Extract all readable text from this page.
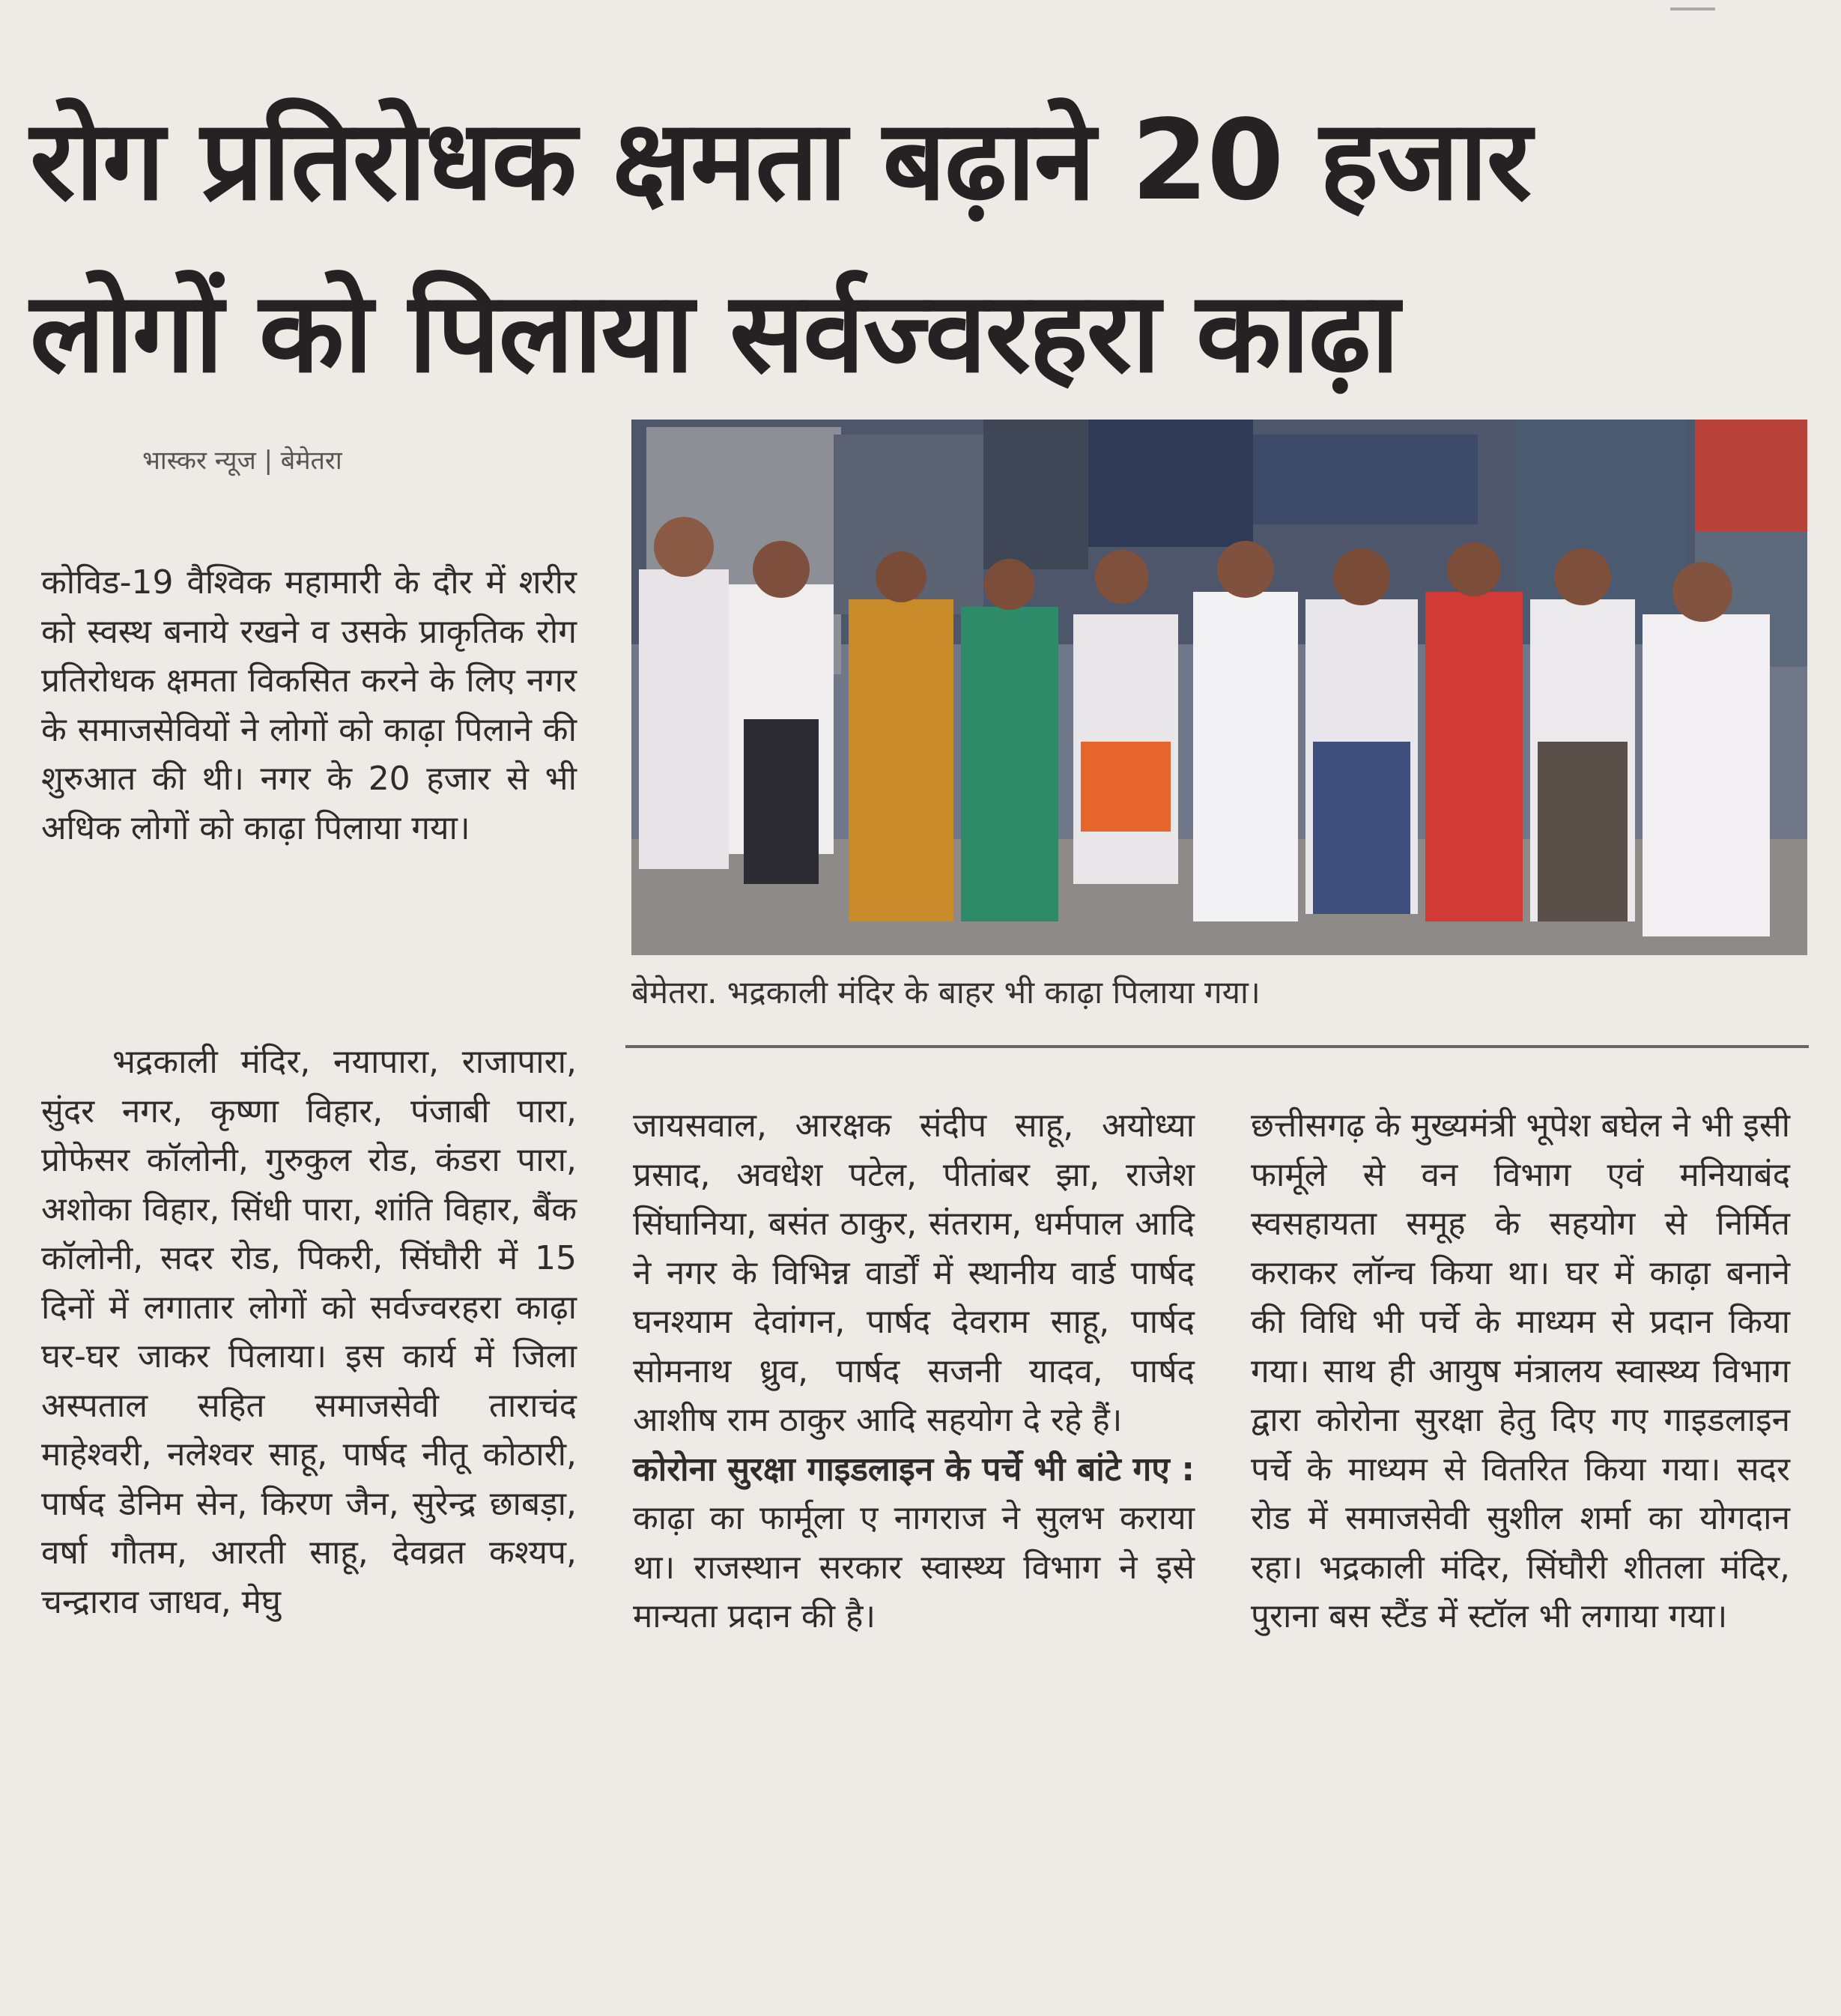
रोग प्रतिरोधक क्षमता बढ़ाने 20 हजार
लोगों को पिलाया सर्वज्वरहरा काढ़ा
भास्कर न्यूज | बेमेतरा

कोविड-19 वैश्विक महामारी के दौर में शरीर को स्वस्थ बनाये रखने व उसके प्राकृतिक रोग प्रतिरोधक क्षमता विकसित करने के लिए नगर के समाजसेवियों ने लोगों को काढ़ा पिलाने की शुरुआत की थी। नगर के 20 हजार से भी अधिक लोगों को काढ़ा पिलाया गया।

भद्रकाली मंदिर, नयापारा, राजापारा, सुंदर नगर, कृष्णा विहार, पंजाबी पारा, प्रोफेसर कॉलोनी, गुरुकुल रोड, कंडरा पारा, अशोका विहार, सिंधी पारा, शांति विहार, बैंक कॉलोनी, सदर रोड, पिकरी, सिंघौरी में 15 दिनों में लगातार लोगों को सर्वज्वरहरा काढ़ा घर-घर जाकर पिलाया। इस कार्य में जिला अस्पताल सहित समाजसेवी ताराचंद माहेश्वरी, नलेश्वर साहू, पार्षद नीतू कोठारी, पार्षद डेनिम सेन, किरण जैन, सुरेन्द्र छाबड़ा, वर्षा गौतम, आरती साहू, देवव्रत कश्यप, चन्द्राराव जाधव, मेघु

बेमेतरा. भद्रकाली मंदिर के बाहर भी काढ़ा पिलाया गया।

जायसवाल, आरक्षक संदीप साहू, अयोध्या प्रसाद, अवधेश पटेल, पीतांबर झा, राजेश सिंघानिया, बसंत ठाकुर, संतराम, धर्मपाल आदि ने नगर के विभिन्न वार्डों में स्थानीय वार्ड पार्षद घनश्याम देवांगन, पार्षद देवराम साहू, पार्षद सोमनाथ ध्रुव, पार्षद सजनी यादव, पार्षद आशीष राम ठाकुर आदि सहयोग दे रहे हैं।

कोरोना सुरक्षा गाइडलाइन के पर्चे भी बांटे गए : काढ़ा का फार्मूला ए नागराज ने सुलभ कराया था। राजस्थान सरकार स्वास्थ्य विभाग ने इसे मान्यता प्रदान की है।

छत्तीसगढ़ के मुख्यमंत्री भूपेश बघेल ने भी इसी फार्मूले से वन विभाग एवं मनियाबंद स्वसहायता समूह के सहयोग से निर्मित कराकर लॉन्च किया था। घर में काढ़ा बनाने की विधि भी पर्चे के माध्यम से प्रदान किया गया। साथ ही आयुष मंत्रालय स्वास्थ्य विभाग द्वारा कोरोना सुरक्षा हेतु दिए गए गाइडलाइन पर्चे के माध्यम से वितरित किया गया। सदर रोड में समाजसेवी सुशील शर्मा का योगदान रहा। भद्रकाली मंदिर, सिंघौरी शीतला मंदिर, पुराना बस स्टैंड में स्टॉल भी लगाया गया।
